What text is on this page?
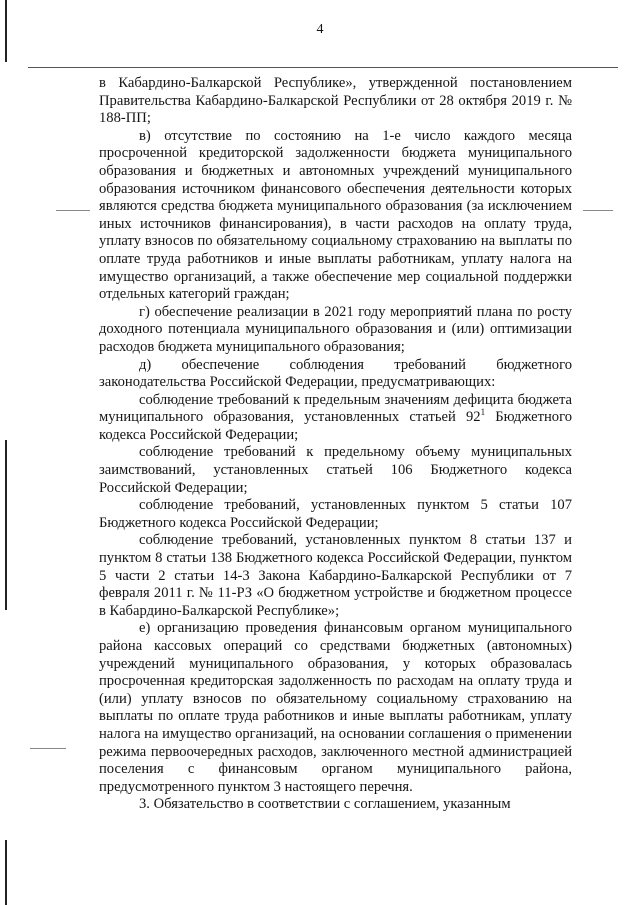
4

в Кабардино-Балкарской Республике», утвержденной постановлением Правительства Кабардино-Балкарской Республики от 28 октября 2019 г. № 188-ПП;

в) отсутствие по состоянию на 1-е число каждого месяца просроченной кредиторской задолженности бюджета муниципального образования и бюджетных и автономных учреждений муниципального образования источником финансового обеспечения деятельности которых являются средства бюджета муниципального образования (за исключением иных источников финансирования), в части расходов на оплату труда, уплату взносов по обязательному социальному страхованию на выплаты по оплате труда работников и иные выплаты работникам, уплату налога на имущество организаций, а также обеспечение мер социальной поддержки отдельных категорий граждан;

г) обеспечение реализации в 2021 году мероприятий плана по росту доходного потенциала муниципального образования и (или) оптимизации расходов бюджета муниципального образования;

д) обеспечение соблюдения требований бюджетного законодательства Российской Федерации, предусматривающих:

соблюдение требований к предельным значениям дефицита бюджета муниципального образования, установленных статьей $92^1$ Бюджетного кодекса Российской Федерации;

соблюдение требований к предельному объему муниципальных заимствований, установленных статьей 106 Бюджетного кодекса Российской Федерации;

соблюдение требований, установленных пунктом 5 статьи 107 Бюджетного кодекса Российской Федерации;

соблюдение требований, установленных пунктом 8 статьи 137 и пунктом 8 статьи 138 Бюджетного кодекса Российской Федерации, пунктом 5 части 2 статьи 14-3 Закона Кабардино-Балкарской Республики от 7 февраля 2011 г. № 11-РЗ «О бюджетном устройстве и бюджетном процессе в Кабардино-Балкарской Республике»;

е) организацию проведения финансовым органом муниципального района кассовых операций со средствами бюджетных (автономных) учреждений муниципального образования, у которых образовалась просроченная кредиторская задолженность по расходам на оплату труда и (или) уплату взносов по обязательному социальному страхованию на выплаты по оплате труда работников и иные выплаты работникам, уплату налога на имущество организаций, на основании соглашения о применении режима первоочередных расходов, заключенного местной администрацией поселения с финансовым органом муниципального района, предусмотренного пунктом 3 настоящего перечня.

3. Обязательство в соответствии с соглашением, указанным
